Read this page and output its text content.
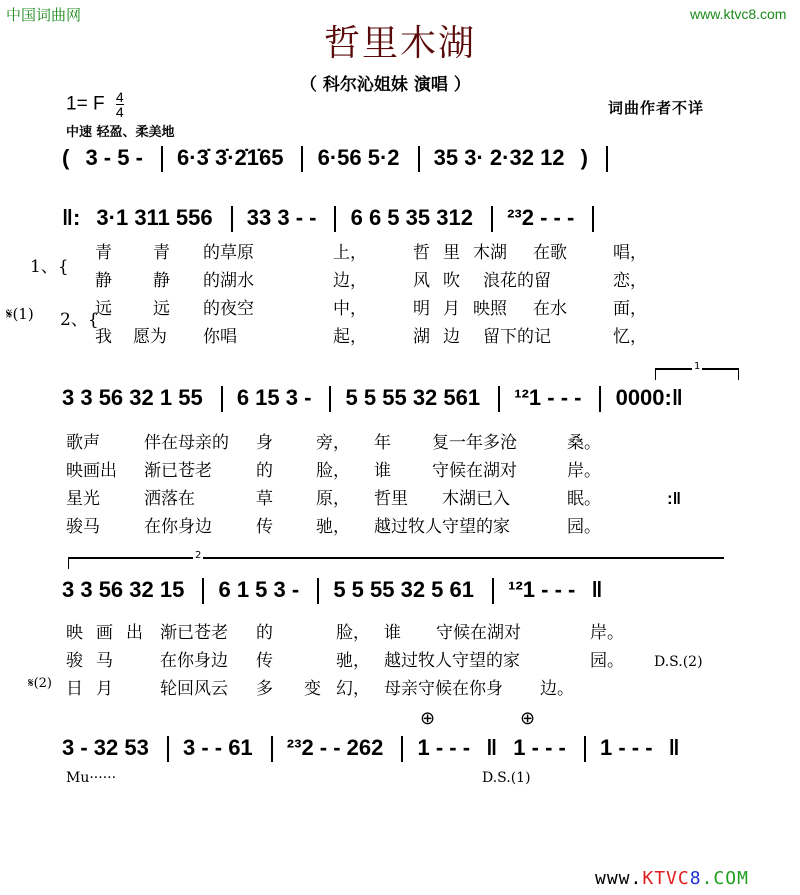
中国词曲网	www.ktvc8.com
哲里木湖
（ 科尔沁姐妹 演唱 ）
1= F $\frac{4}{4}$
中速 轻盈、柔美地
词曲作者不详
( 3 - 5 - 6·3̇ 3̇·2̇1̇65 6·56 5·2 35 3· 2·32 12 )
‖: 3·1 311 556 33 3 - - 6 6 5 35 312 ²³2 - - -
1、{
𝄋(1) 2、{
青 青 的草原	上，	哲 里 木湖 在歌	唱，
静 静 的湖水	边，	风 吹 浪花的留	恋，
远 远 的夜空	中，	明 月 映照 在水	面，
我 愿为 你唱	起，	湖 边 留下的记	忆，
1
3 3 56 32 1 55 6 15 3 - 5 5 55 32 561 ¹²1 - - - 0000:‖
歌声	伴在母亲的 身	旁， 年 复一年多沧	桑。
映画出 渐已苍老	的	脸， 谁 守候在湖对	岸。
星光	洒落在	草	原， 哲里 木湖已入	眠。	:‖
骏马	在你身边	传	驰， 越过牧人守望的家	园。
2
3 3 56 32 15 6 1 5 3 - 5 5 55 32 5 61 ¹²1 - - - ‖
映 画 出 渐已苍老 的	脸， 谁 守候在湖对	岸。
骏 马	在你身边 传	驰， 越过牧人守望的家	园。 D.S.(2)
𝄋(2) 日 月	轮回风云 多 变 幻， 母亲守候在你身 边。
⊕	⊕
3 - 32 53 3 - - 61 ²³2 - - 262 1 - - - ‖ 1 - - - 1 - - - ‖
Mu······	D.S.(1)
www.KTVC8.COM
